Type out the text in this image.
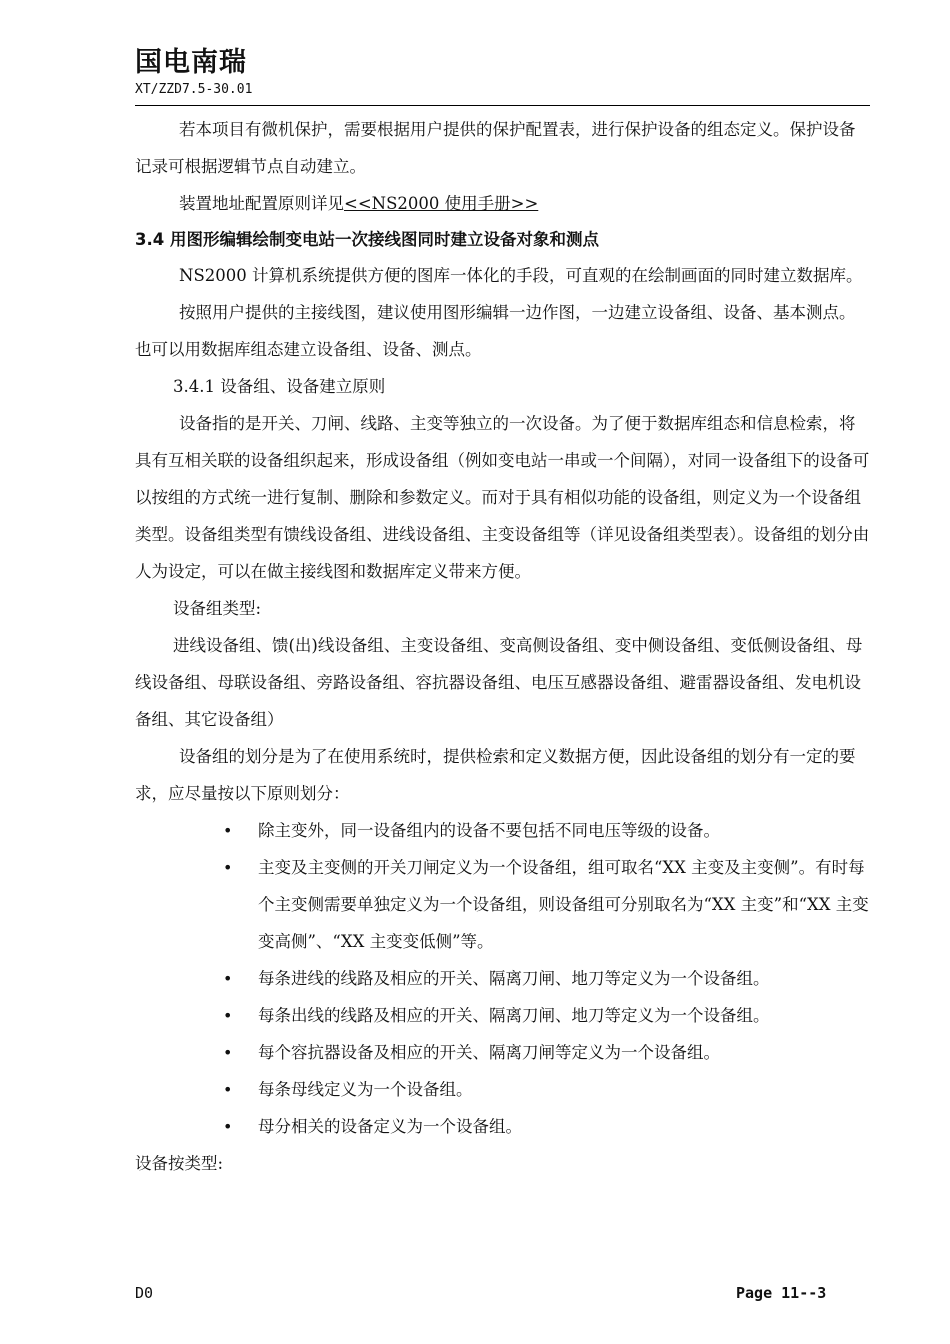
国电南瑞
XT/ZZD7.5-30.01

若本项目有微机保护，需要根据用户提供的保护配置表，进行保护设备的组态定义。保护设备记录可根据逻辑节点自动建立。

装置地址配置原则详见<<NS2000 使用手册>>

3.4 用图形编辑绘制变电站一次接线图同时建立设备对象和测点

NS2000 计算机系统提供方便的图库一体化的手段，可直观的在绘制画面的同时建立数据库。

按照用户提供的主接线图，建议使用图形编辑一边作图，一边建立设备组、设备、基本测点。也可以用数据库组态建立设备组、设备、测点。

3.4.1 设备组、设备建立原则

设备指的是开关、刀闸、线路、主变等独立的一次设备。为了便于数据库组态和信息检索，将具有互相关联的设备组织起来，形成设备组（例如变电站一串或一个间隔），对同一设备组下的设备可以按组的方式统一进行复制、删除和参数定义。而对于具有相似功能的设备组，则定义为一个设备组类型。设备组类型有馈线设备组、进线设备组、主变设备组等（详见设备组类型表）。设备组的划分由人为设定，可以在做主接线图和数据库定义带来方便。

设备组类型:

进线设备组、馈(出)线设备组、主变设备组、变高侧设备组、变中侧设备组、变低侧设备组、母线设备组、母联设备组、旁路设备组、容抗器设备组、电压互感器设备组、避雷器设备组、发电机设备组、其它设备组）

设备组的划分是为了在使用系统时，提供检索和定义数据方便，因此设备组的划分有一定的要求，应尽量按以下原则划分：

• 除主变外，同一设备组内的设备不要包括不同电压等级的设备。
• 主变及主变侧的开关刀闸定义为一个设备组，组可取名“XX 主变及主变侧”。有时每个主变侧需要单独定义为一个设备组，则设备组可分别取名为“XX 主变”和“XX 主变变高侧”、“XX 主变变低侧”等。
• 每条进线的线路及相应的开关、隔离刀闸、地刀等定义为一个设备组。
• 每条出线的线路及相应的开关、隔离刀闸、地刀等定义为一个设备组。
• 每个容抗器设备及相应的开关、隔离刀闸等定义为一个设备组。
• 每条母线定义为一个设备组。
• 母分相关的设备定义为一个设备组。

设备按类型:

D0	Page 11--3
